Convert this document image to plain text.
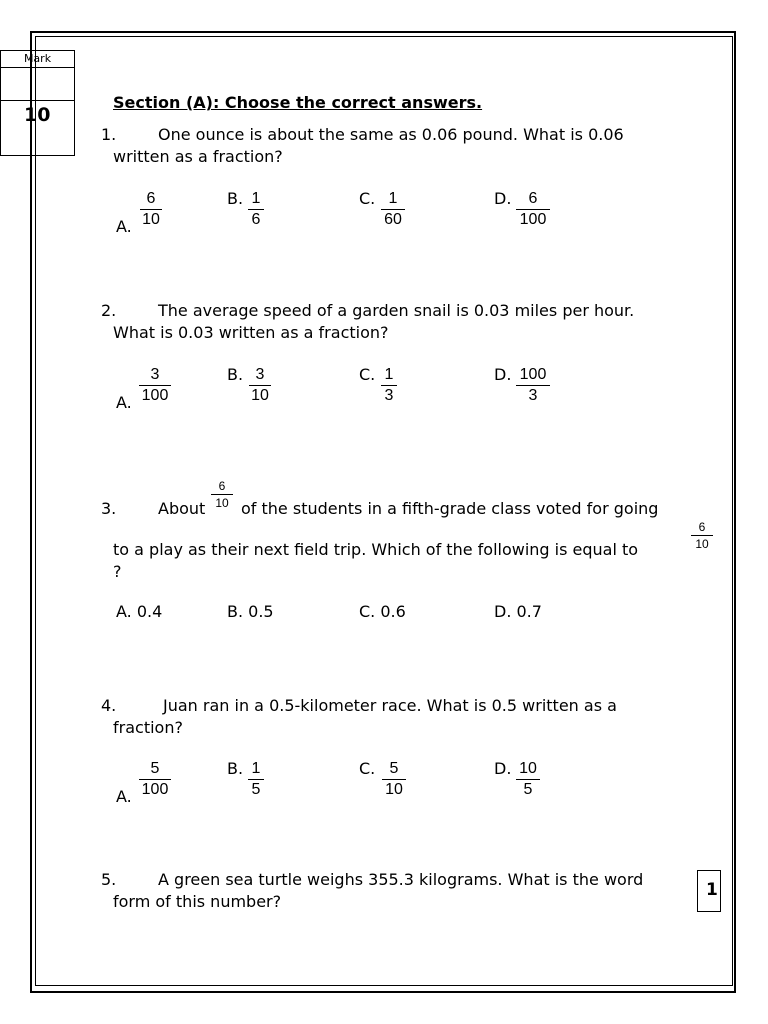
Mark
10
Section (A): Choose the correct answers.
1.	One ounce is about the same as 0.06 pound. What is 0.06
written as a fraction?
A. $\frac{6}{10}$	B. $\frac{1}{6}$	C. $\frac{1}{60}$	D. $\frac{6}{100}$
2.	The average speed of a garden snail is 0.03 miles per hour.
What is 0.03 written as a fraction?
A. $\frac{3}{100}$	B. $\frac{3}{10}$	C. $\frac{1}{3}$	D. $\frac{100}{3}$
3.	About $\frac{6}{10}$ of the students in a fifth-grade class voted for going
to a play as their next field trip. Which of the following is equal to	$\frac{6}{10}$
?
A. 0.4	B. 0.5	C. 0.6	D. 0.7
4.	Juan ran in a 0.5-kilometer race. What is 0.5 written as a
fraction?
A. $\frac{5}{100}$	B. $\frac{1}{5}$	C. $\frac{5}{10}$	D. $\frac{10}{5}$
5.	A green sea turtle weighs 355.3 kilograms. What is the word
form of this number?
1
